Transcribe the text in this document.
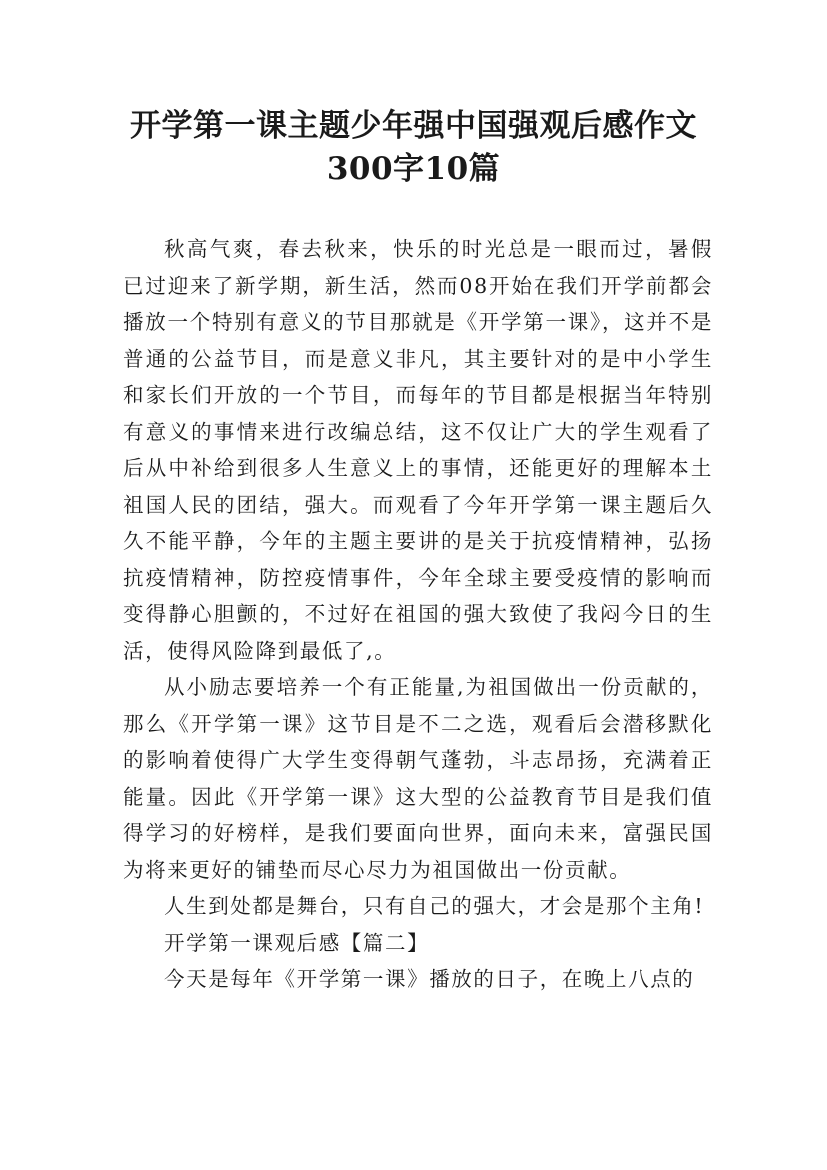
开学第一课主题少年强中国强观后感作文
300字10篇

秋高气爽，春去秋来，快乐的时光总是一眼而过，暑假已过迎来了新学期，新生活，然而08开始在我们开学前都会播放一个特别有意义的节目那就是《开学第一课》，这并不是普通的公益节目，而是意义非凡，其主要针对的是中小学生和家长们开放的一个节目，而每年的节目都是根据当年特别有意义的事情来进行改编总结，这不仅让广大的学生观看了后从中补给到很多人生意义上的事情，还能更好的理解本土祖国人民的团结，强大。而观看了今年开学第一课主题后久久不能平静，今年的主题主要讲的是关于抗疫情精神，弘扬抗疫情精神，防控疫情事件，今年全球主要受疫情的影响而变得静心胆颤的，不过好在祖国的强大致使了我闷今日的生活，使得风险降到最低了,。

从小励志要培养一个有正能量,为祖国做出一份贡献的，那么《开学第一课》这节目是不二之选，观看后会潜移默化的影响着使得广大学生变得朝气蓬勃，斗志昂扬，充满着正能量。因此《开学第一课》这大型的公益教育节目是我们值得学习的好榜样，是我们要面向世界，面向未来，富强民国为将来更好的铺垫而尽心尽力为祖国做出一份贡献。

人生到处都是舞台，只有自己的强大，才会是那个主角!

开学第一课观后感【篇二】

今天是每年《开学第一课》播放的日子，在晚上八点的
